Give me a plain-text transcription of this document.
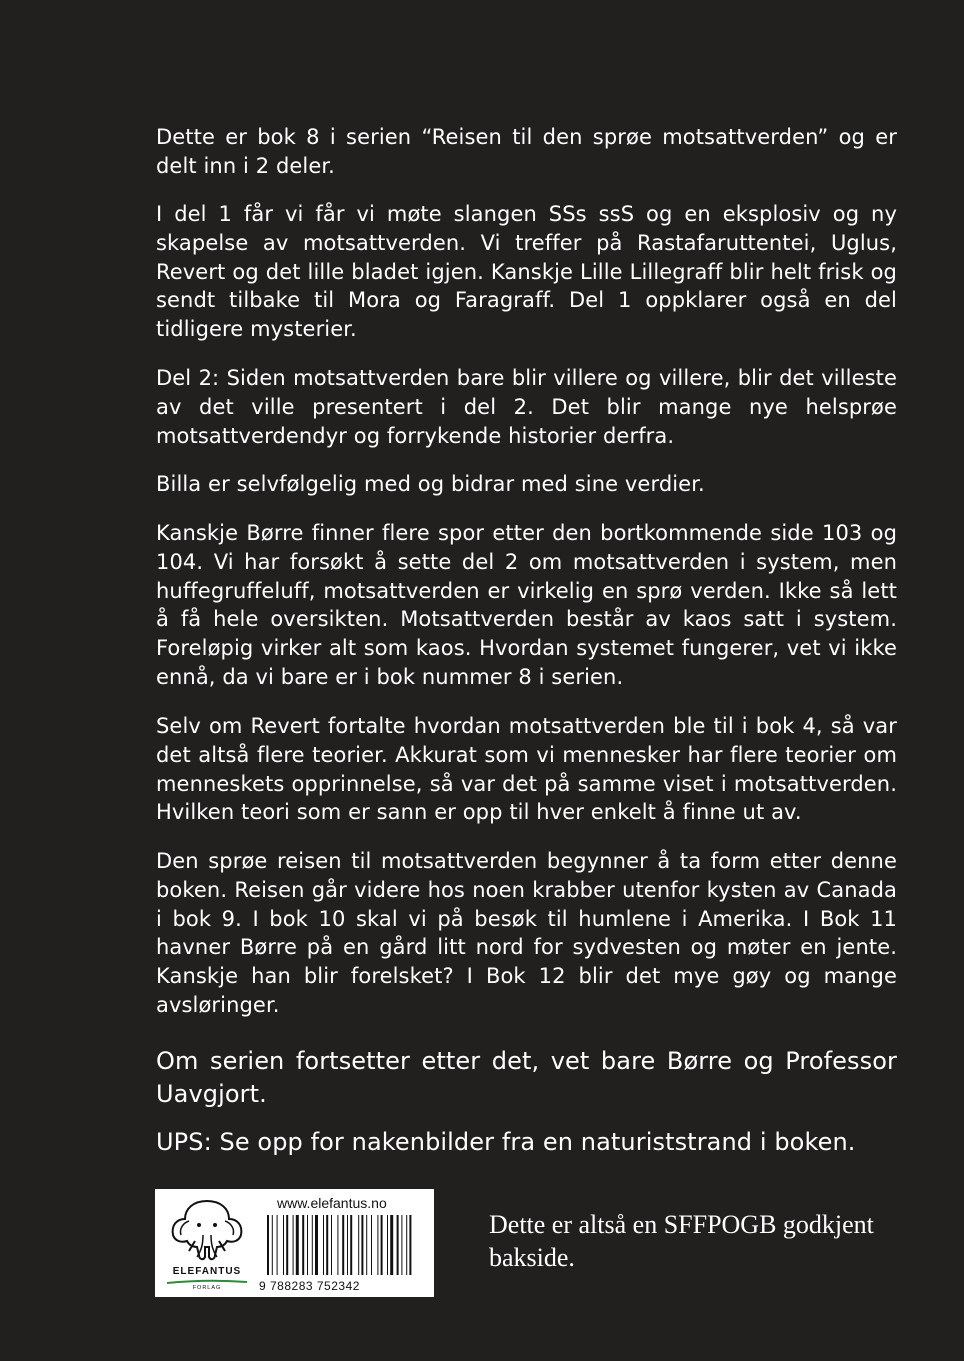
Dette er bok 8 i serien “Reisen til den sprøe motsattverden” og er delt inn i 2 deler.

I del 1 får vi får vi møte slangen SSs ssS og en eksplosiv og ny skapelse av motsattverden. Vi treffer på Rastafaruttentei, Uglus, Revert og det lille bladet igjen. Kanskje Lille Lillegraff blir helt frisk og sendt tilbake til Mora og Faragraff. Del 1 oppklarer også en del tidligere mysterier.

Del 2: Siden motsattverden bare blir villere og villere, blir det villeste av det ville presentert i del 2. Det blir mange nye helsprøe motsattverdendyr og forrykende historier derfra.

Billa er selvfølgelig med og bidrar med sine verdier.

Kanskje Børre finner flere spor etter den bortkommende side 103 og 104. Vi har forsøkt å sette del 2 om motsattverden i system, men huffegruffeluff, motsattverden er virkelig en sprø verden. Ikke så lett å få hele oversikten. Motsattverden består av kaos satt i system. Foreløpig virker alt som kaos. Hvordan systemet fungerer, vet vi ikke ennå, da vi bare er i bok nummer 8 i serien.

Selv om Revert fortalte hvordan motsattverden ble til i bok 4, så var det altså flere teorier. Akkurat som vi mennesker har flere teorier om menneskets opprinnelse, så var det på samme viset i motsattverden. Hvilken teori som er sann er opp til hver enkelt å finne ut av.

Den sprøe reisen til motsattverden begynner å ta form etter denne boken. Reisen går videre hos noen krabber utenfor kysten av Canada i bok 9. I bok 10 skal vi på besøk til humlene i Amerika. I Bok 11 havner Børre på en gård litt nord for sydvesten og møter en jente. Kanskje han blir forelsket? I Bok 12 blir det mye gøy og mange avsløringer.

Om serien fortsetter etter det, vet bare Børre og Professor Uavgjort.

UPS: Se opp for nakenbilder fra en naturiststrand i boken.

ELEFANTUS
FORLAG
www.elefantus.no
9 788283 752342
Dette er altså en SFFPOGB godkjent bakside.
